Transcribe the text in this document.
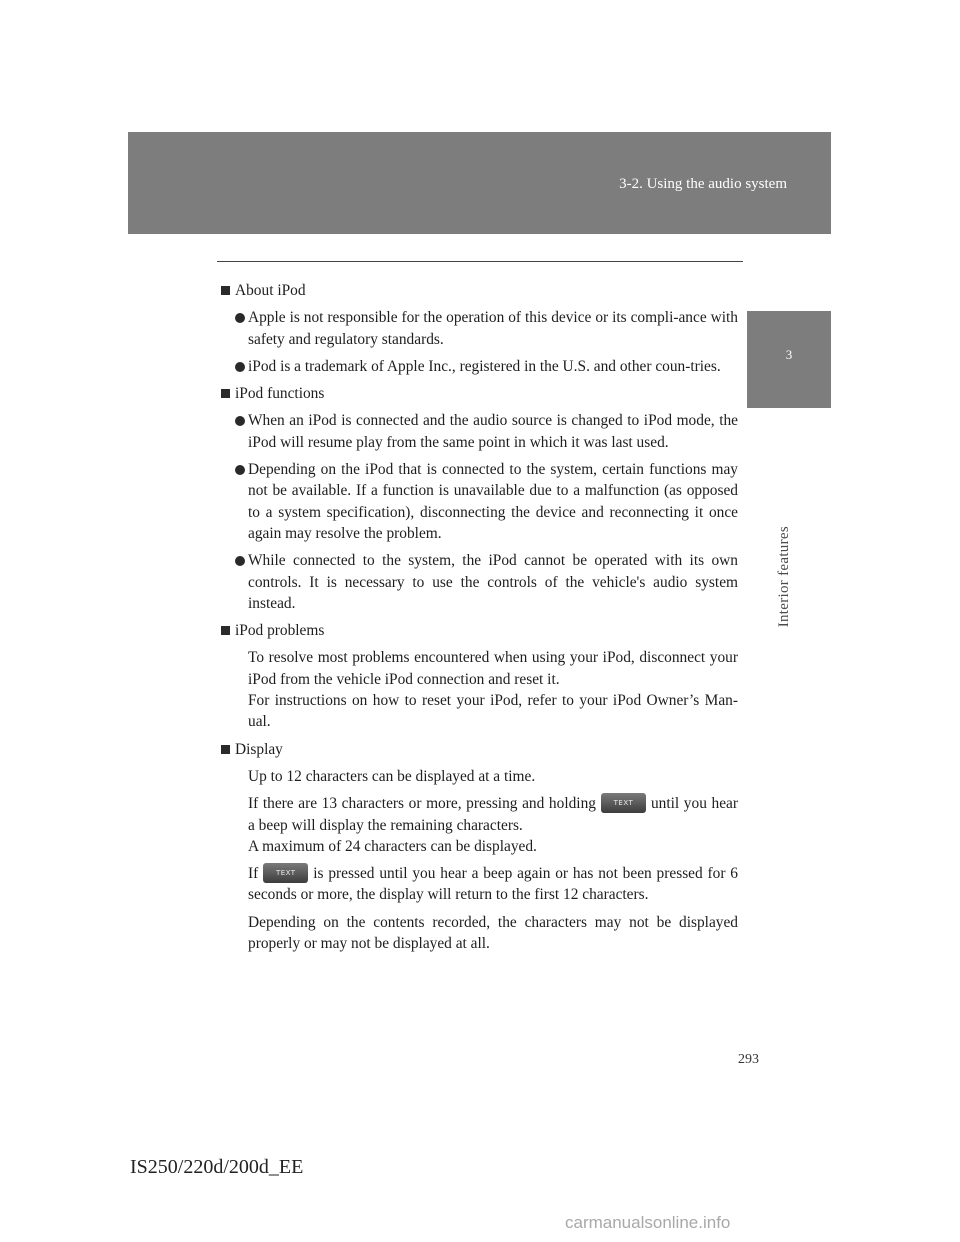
3-2. Using the audio system
3
Interior features
About iPod
Apple is not responsible for the operation of this device or its compli-ance with safety and regulatory standards.
iPod is a trademark of Apple Inc., registered in the U.S. and other coun-tries.
iPod functions
When an iPod is connected and the audio source is changed to iPod mode, the iPod will resume play from the same point in which it was last used.
Depending on the iPod that is connected to the system, certain functions may not be available. If a function is unavailable due to a malfunction (as opposed to a system specification), disconnecting the device and reconnecting it once again may resolve the problem.
While connected to the system, the iPod cannot be operated with its own controls. It is necessary to use the controls of the vehicle's audio system instead.
iPod problems
To resolve most problems encountered when using your iPod, disconnect your iPod from the vehicle iPod connection and reset it.
For instructions on how to reset your iPod, refer to your iPod Owner’s Man-ual.
Display
Up to 12 characters can be displayed at a time.
If there are 13 characters or more, pressing and holding	TEXT until you hear a beep will display the remaining characters.
A maximum of 24 characters can be displayed.
If	TEXT is pressed until you hear a beep again or has not been pressed for 6 seconds or more, the display will return to the first 12 characters.
Depending on the contents recorded, the characters may not be displayed properly or may not be displayed at all.
293
IS250/220d/200d_EE
carmanualsonline.info
